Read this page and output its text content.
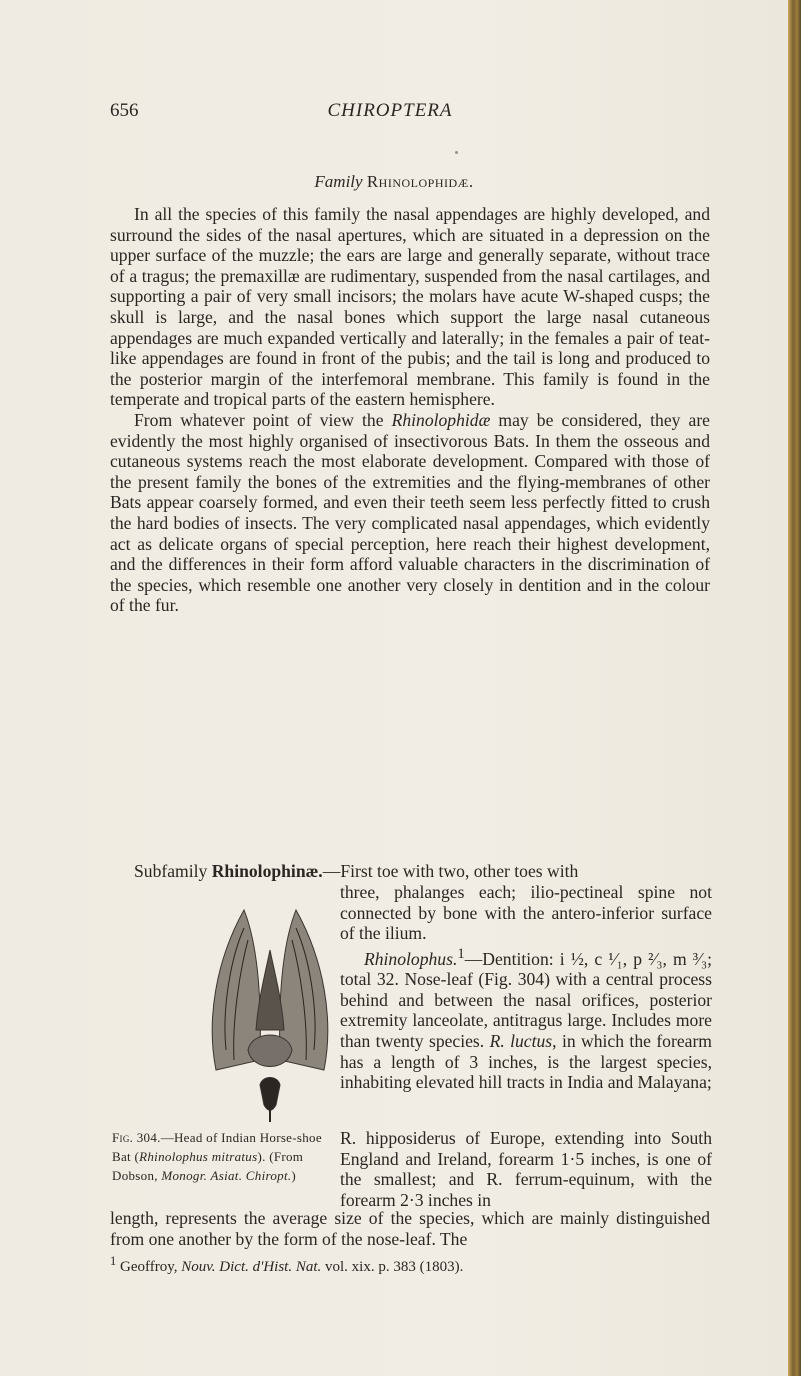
656	CHIROPTERA
Family Rhinolophidæ.
In all the species of this family the nasal appendages are highly developed, and surround the sides of the nasal apertures, which are situated in a depression on the upper surface of the muzzle; the ears are large and generally separate, without trace of a tragus; the premaxillæ are rudimentary, suspended from the nasal cartilages, and supporting a pair of very small incisors; the molars have acute W-shaped cusps; the skull is large, and the nasal bones which support the large nasal cutaneous appendages are much expanded vertically and laterally; in the females a pair of teat-like appendages are found in front of the pubis; and the tail is long and produced to the posterior margin of the interfemoral membrane. This family is found in the temperate and tropical parts of the eastern hemisphere.
From whatever point of view the Rhinolophidæ may be considered, they are evidently the most highly organised of insectivorous Bats. In them the osseous and cutaneous systems reach the most elaborate development. Compared with those of the present family the bones of the extremities and the flying-membranes of other Bats appear coarsely formed, and even their teeth seem less perfectly fitted to crush the hard bodies of insects. The very complicated nasal appendages, which evidently act as delicate organs of special perception, here reach their highest development, and the differences in their form afford valuable characters in the discrimination of the species, which resemble one another very closely in dentition and in the colour of the fur.
Subfamily Rhinolophinæ.—First toe with two, other toes with
three, phalanges each; ilio-pectineal spine not connected by bone with the antero-inferior surface of the ilium.
Rhinolophus.$^1$—Dentition: i ½, c ¹⁄₁, p ²⁄₃, m ³⁄₃; total 32. Nose-leaf (Fig. 304) with a central process behind and between the nasal orifices, posterior extremity lanceolate, antitragus large. Includes more than twenty species. R. luctus, in which the forearm has a length of 3 inches, is the largest species, inhabiting elevated hill tracts in India and Malayana;
Fig. 304.—Head of Indian Horse-shoe Bat (Rhinolophus mitratus). (From Dobson, Monogr. Asiat. Chiropt.)
R. hipposiderus of Europe, extending into South England and Ireland, forearm 1·5 inches, is one of the smallest; and R. ferrum-equinum, with the forearm 2·3 inches in
length, represents the average size of the species, which are mainly distinguished from one another by the form of the nose-leaf. The
$^1$ Geoffroy, Nouv. Dict. d'Hist. Nat. vol. xix. p. 383 (1803).
